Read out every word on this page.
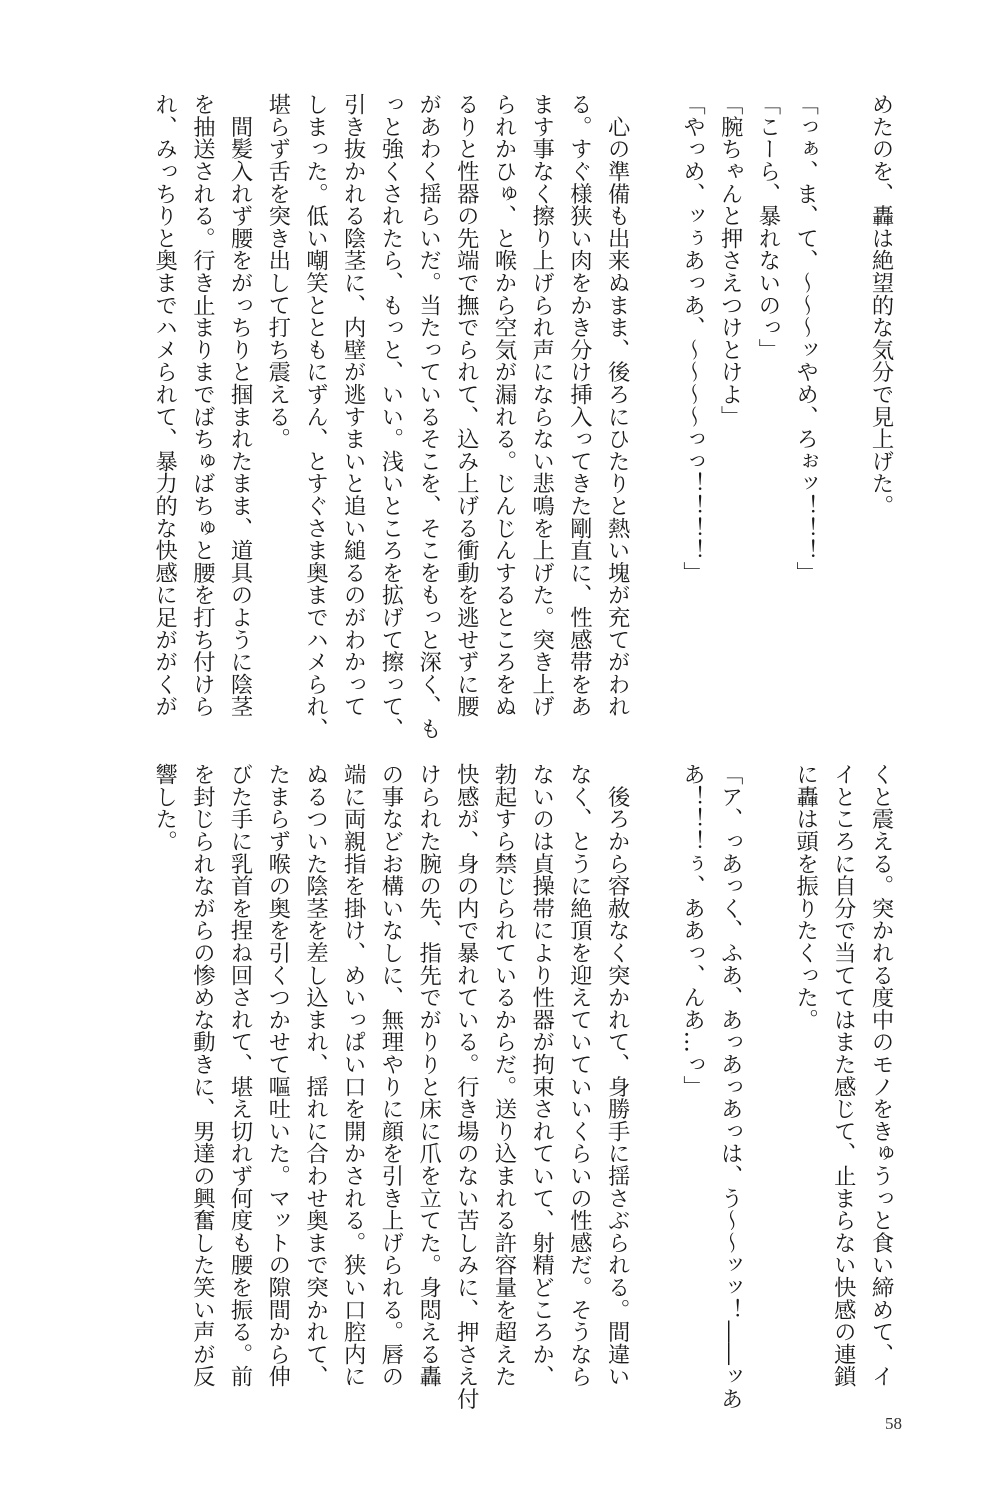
めたのを、轟は絶望的な気分で見上げた。
「っぁ、ま、て、〜〜〜ッやめ、ろぉッ！！！」
「こーら、暴れないのっ」
「腕ちゃんと押さえつけとけよ」
「やっめ、ッぅあっあ、〜〜〜〜っっ！！！！」
　心の準備も出来ぬまま、後ろにひたりと熱い塊が充てがわれ
る。すぐ様狭い肉をかき分け挿入ってきた剛直に、性感帯をあ
ます事なく擦り上げられ声にならない悲鳴を上げた。突き上げ
られかひゅ、と喉から空気が漏れる。じんじんするところをぬ
るりと性器の先端で撫でられて、込み上げる衝動を逃せずに腰
があわく揺らいだ。当たっているそこを、そこをもっと深く、も
っと強くされたら、もっと、いい。浅いところを拡げて擦って、
引き抜かれる陰茎に、内壁が逃すまいと追い縋るのがわかって
しまった。低い嘲笑とともにずん、とすぐさま奥までハメられ、
堪らず舌を突き出して打ち震える。
　間髪入れず腰をがっちりと掴まれたまま、道具のように陰茎
を抽送される。行き止まりまでばちゅばちゅと腰を打ち付けら
れ、みっちりと奥までハメられて、暴力的な快感に足ががくが
くと震える。突かれる度中のモノをきゅうっと食い締めて、イ
イところに自分で当ててはまた感じて、止まらない快感の連鎖
に轟は頭を振りたくった。
「ア、っあっく、ふあ、あっあっあっは、う〜〜ッッ！――ッあ
あ！！！ぅ、ああっ、んあ…っ」
　後ろから容赦なく突かれて、身勝手に揺さぶられる。間違い
なく、とうに絶頂を迎えていていいくらいの性感だ。そうなら
ないのは貞操帯により性器が拘束されていて、射精どころか、
勃起すら禁じられているからだ。送り込まれる許容量を超えた
快感が、身の内で暴れている。行き場のない苦しみに、押さえ付
けられた腕の先、指先でがりりと床に爪を立てた。身悶える轟
の事などお構いなしに、無理やりに顔を引き上げられる。唇の
端に両親指を掛け、めいっぱい口を開かされる。狭い口腔内に
ぬるついた陰茎を差し込まれ、揺れに合わせ奥まで突かれて、
たまらず喉の奥を引くつかせて嘔吐いた。マットの隙間から伸
びた手に乳首を捏ね回されて、堪え切れず何度も腰を振る。前
を封じられながらの惨めな動きに、男達の興奮した笑い声が反
響した。
58
